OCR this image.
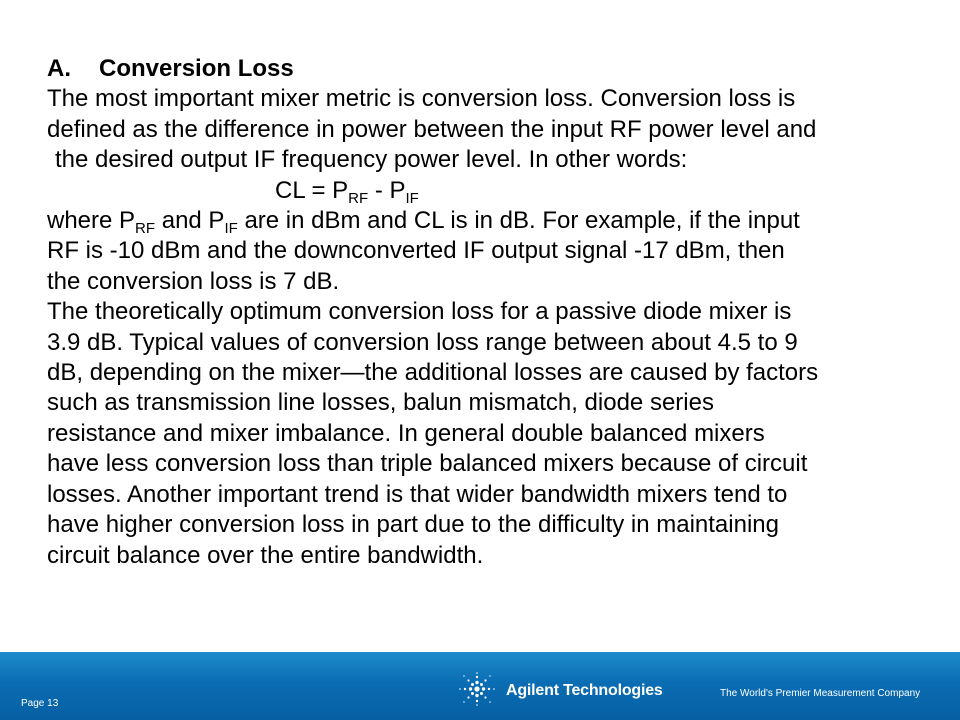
A. Conversion Loss
The most important mixer metric is conversion loss. Conversion loss is
defined as the difference in power between the input RF power level and
the desired output IF frequency power level. In other words:
CL = $P_{RF} - P_{IF}$
where $P_{RF}$ and $P_{IF}$ are in dBm and CL is in dB. For example, if the input
RF is -10 dBm and the downconverted IF output signal -17 dBm, then
the conversion loss is 7 dB.
The theoretically optimum conversion loss for a passive diode mixer is
3.9 dB. Typical values of conversion loss range between about 4.5 to 9
dB, depending on the mixer—the additional losses are caused by factors
such as transmission line losses, balun mismatch, diode series
resistance and mixer imbalance. In general double balanced mixers
have less conversion loss than triple balanced mixers because of circuit
losses. Another important trend is that wider bandwidth mixers tend to
have higher conversion loss in part due to the difficulty in maintaining
circuit balance over the entire bandwidth.
Page 13
Agilent Technologies	The World's Premier Measurement Company
